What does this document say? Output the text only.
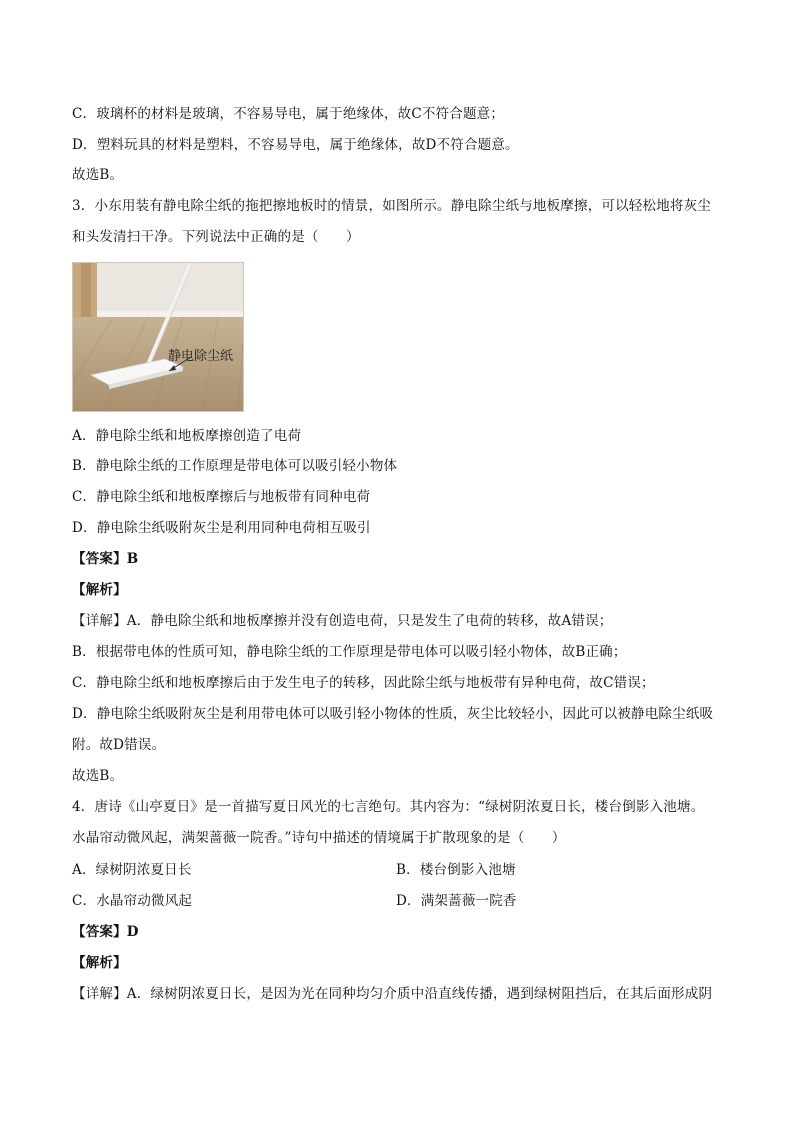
C．玻璃杯的材料是玻璃，不容易导电，属于绝缘体，故C不符合题意；
D．塑料玩具的材料是塑料，不容易导电，属于绝缘体，故D不符合题意。
故选B。
3．小东用装有静电除尘纸的拖把擦地板时的情景，如图所示。静电除尘纸与地板摩擦，可以轻松地将灰尘
和头发清扫干净。下列说法中正确的是（　　）
静电除尘纸
A．静电除尘纸和地板摩擦创造了电荷
B．静电除尘纸的工作原理是带电体可以吸引轻小物体
C．静电除尘纸和地板摩擦后与地板带有同种电荷
D．静电除尘纸吸附灰尘是利用同种电荷相互吸引
【答案】B
【解析】
【详解】A．静电除尘纸和地板摩擦并没有创造电荷，只是发生了电荷的转移，故A错误；
B．根据带电体的性质可知，静电除尘纸的工作原理是带电体可以吸引轻小物体，故B正确；
C．静电除尘纸和地板摩擦后由于发生电子的转移，因此除尘纸与地板带有异种电荷，故C错误；
D．静电除尘纸吸附灰尘是利用带电体可以吸引轻小物体的性质，灰尘比较轻小，因此可以被静电除尘纸吸
附。故D错误。
故选B。
4．唐诗《山亭夏日》是一首描写夏日风光的七言绝句。其内容为：“绿树阴浓夏日长，楼台倒影入池塘。
水晶帘动微风起，满架蔷薇一院香。”诗句中描述的情境属于扩散现象的是（　　）
A．绿树阴浓夏日长	B．楼台倒影入池塘
C．水晶帘动微风起	D．满架蔷薇一院香
【答案】D
【解析】
【详解】A．绿树阴浓夏日长，是因为光在同种均匀介质中沿直线传播，遇到绿树阻挡后，在其后面形成阴
